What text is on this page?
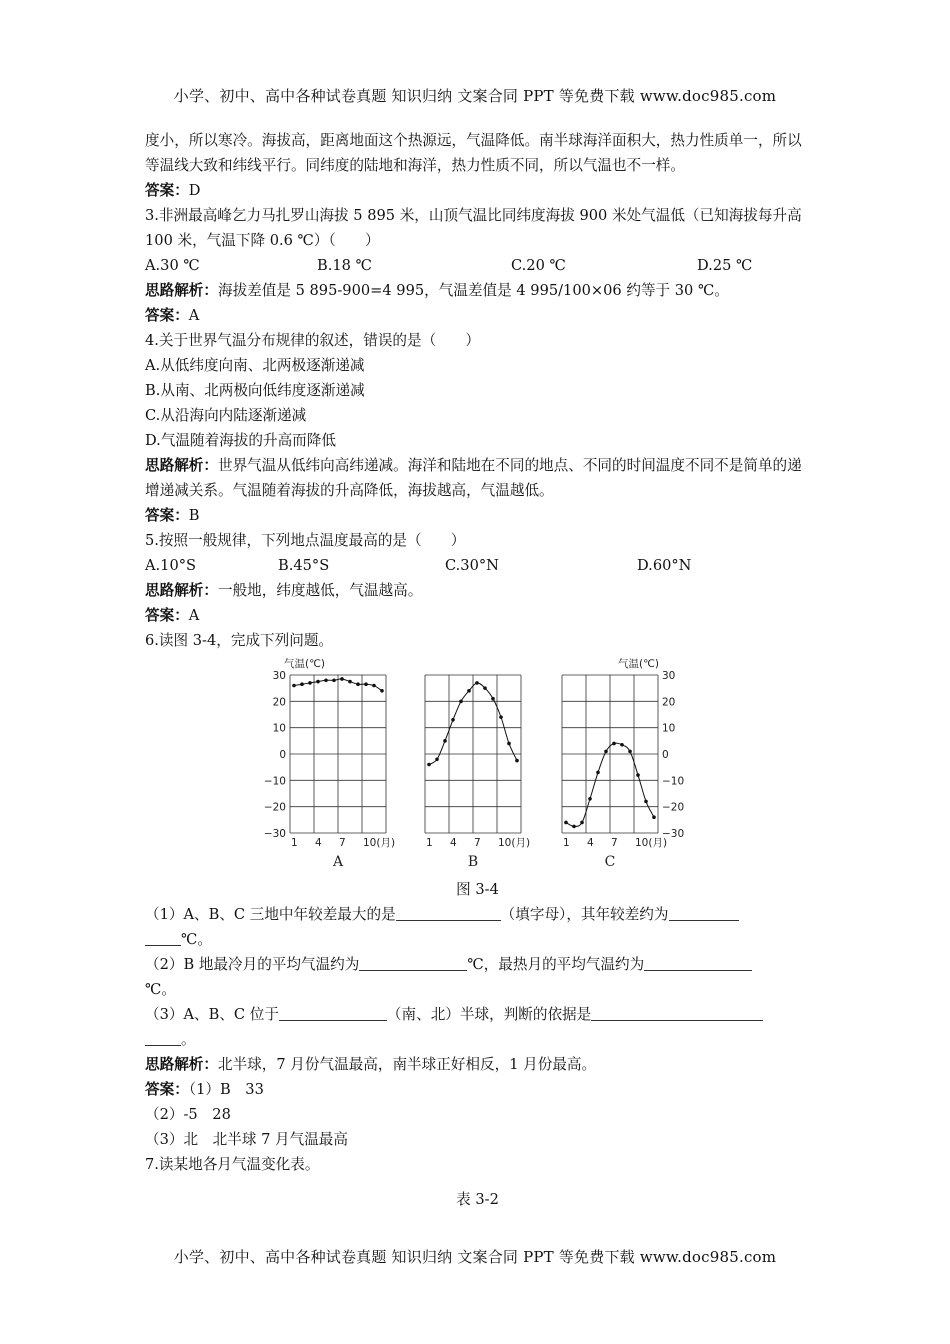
小学、初中、高中各种试卷真题 知识归纳 文案合同 PPT 等免费下载 www.doc985.com

度小，所以寒冷。海拔高，距离地面这个热源远，气温降低。南半球海洋面积大，热力性质单一，所以等温线大致和纬线平行。同纬度的陆地和海洋，热力性质不同，所以气温也不一样。

答案：D

3.非洲最高峰乞力马扎罗山海拔 5 895 米，山顶气温比同纬度海拔 900 米处气温低（已知海拔每升高 100 米，气温下降 0.6 ℃）（　　）

A.30 ℃	B.18 ℃	C.20 ℃	D.25 ℃

思路解析：海拔差值是 5 895-900=4 995，气温差值是 4 995/100×06 约等于 30 ℃。

答案：A

4.关于世界气温分布规律的叙述，错误的是（　　）

A.从低纬度向南、北两极逐渐递减

B.从南、北两极向低纬度逐渐递减

C.从沿海向内陆逐渐递减

D.气温随着海拔的升高而降低

思路解析：世界气温从低纬向高纬递减。海洋和陆地在不同的地点、不同的时间温度不同不是简单的递增递减关系。气温随着海拔的升高降低，海拔越高，气温越低。

答案：B

5.按照一般规律，下列地点温度最高的是（　　）

A.10°S	B.45°S	C.30°N	D.60°N

思路解析：一般地，纬度越低，气温越高。

答案：A

6.读图 3-4，完成下列问题。

30
20
10
0
−10
−20
−30
气温(℃)
1 4 7 10(月)
A
1 4 7 10(月)
B
30
20
10
0
−10
−20
−30
气温(℃)
1 4 7 10(月)
C

图 3-4

（1）A、B、C 三地中年较差最大的是	（填字母），其年较差约为

℃。

（2）B 地最冷月的平均气温约为	℃，最热月的平均气温约为

℃。

（3）A、B、C 位于	（南、北）半球，判断的依据是

。

思路解析：北半球，7 月份气温最高，南半球正好相反，1 月份最高。

答案：（1）B　33

（2）-5　28

（3）北　北半球 7 月气温最高

7.读某地各月气温变化表。

表 3-2

小学、初中、高中各种试卷真题 知识归纳 文案合同 PPT 等免费下载 www.doc985.com
